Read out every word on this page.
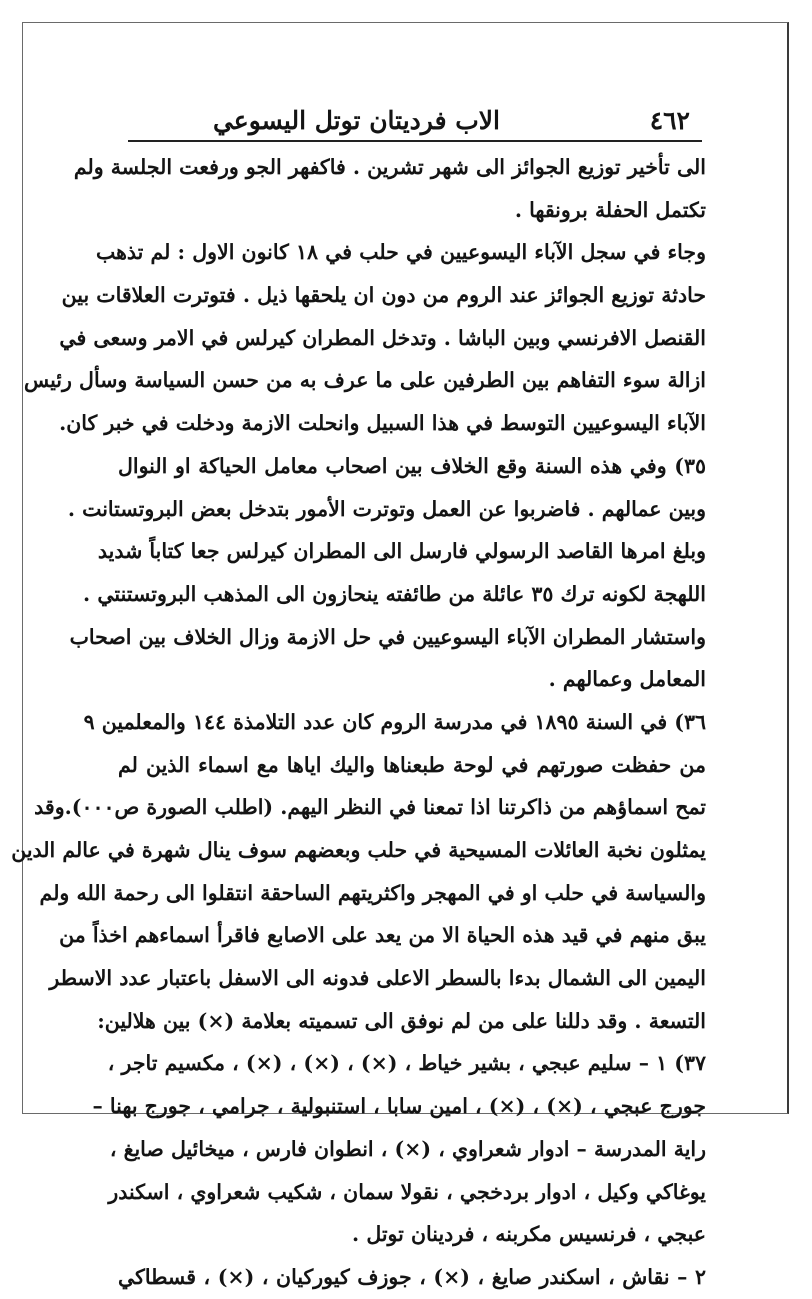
٤٦٢
الاب فرديتان توتل اليسوعي
الى تأخير توزيع الجوائز الى شهر تشرين . فاكفهر الجو ورفعت الجلسة ولم
تكتمل الحفلة برونقها .
وجاء في سجل الآباء اليسوعيين في حلب في ١٨ كانون الاول : لم تذهب
حادثة توزيع الجوائز عند الروم من دون ان يلحقها ذيل . فتوترت العلاقات بين
القنصل الافرنسي وبين الباشا . وتدخل المطران كيرلس في الامر وسعى في
ازالة سوء التفاهم بين الطرفين على ما عرف به من حسن السياسة وسأل رئيس
الآباء اليسوعيين التوسط في هذا السبيل وانحلت الازمة ودخلت في خبر كان.
٣٥) وفي هذه السنة وقع الخلاف بين اصحاب معامل الحياكة او النوال
وبين عمالهم . فاضربوا عن العمل وتوترت الأمور بتدخل بعض البروتستانت .
وبلغ امرها القاصد الرسولي فارسل الى المطران كيرلس جعا كتاباً شديد
اللهجة لكونه ترك ٣٥ عائلة من طائفته ينحازون الى المذهب البروتستنتي .
واستشار المطران الآباء اليسوعيين في حل الازمة وزال الخلاف بين اصحاب
المعامل وعمالهم .
٣٦) في السنة ١٨٩٥ في مدرسة الروم كان عدد التلامذة ١٤٤ والمعلمين ٩
من حفظت صورتهم في لوحة طبعناها واليك اياها مع اسماء الذين لم
تمح اسماؤهم من ذاكرتنا اذا تمعنا في النظر اليهم. (اطلب الصورة ص٠٠٠).وقد
يمثلون نخبة العائلات المسيحية في حلب وبعضهم سوف ينال شهرة في عالم الدين
والسياسة في حلب او في المهجر واكثريتهم الساحقة انتقلوا الى رحمة الله ولم
يبق منهم في قيد هذه الحياة الا من يعد على الاصابع فاقرأ اسماءهم اخذاً من
اليمين الى الشمال بدءا بالسطر الاعلى فدونه الى الاسفل باعتبار عدد الاسطر
التسعة . وقد دللنا على من لم نوفق الى تسميته بعلامة (×) بين هلالين:
٣٧) ١ – سليم عبجي ، بشير خياط ، (×) ، (×) ، (×) ، مكسيم تاجر ،
جورج عبجي ، (×) ، (×) ، امين سابا ، استنبولية ، جرامي ، جورج بهنا –
راية المدرسة – ادوار شعراوي ، (×) ، انطوان فارس ، ميخائيل صايغ ،
يوغاكي وكيل ، ادوار بردخجي ، نقولا سمان ، شكيب شعراوي ، اسكندر
عبجي ، فرنسيس مكربنه ، فردينان توتل .
٢ – نقاش ، اسكندر صايغ ، (×) ، جوزف كيوركيان ، (×) ، قسطاكي
